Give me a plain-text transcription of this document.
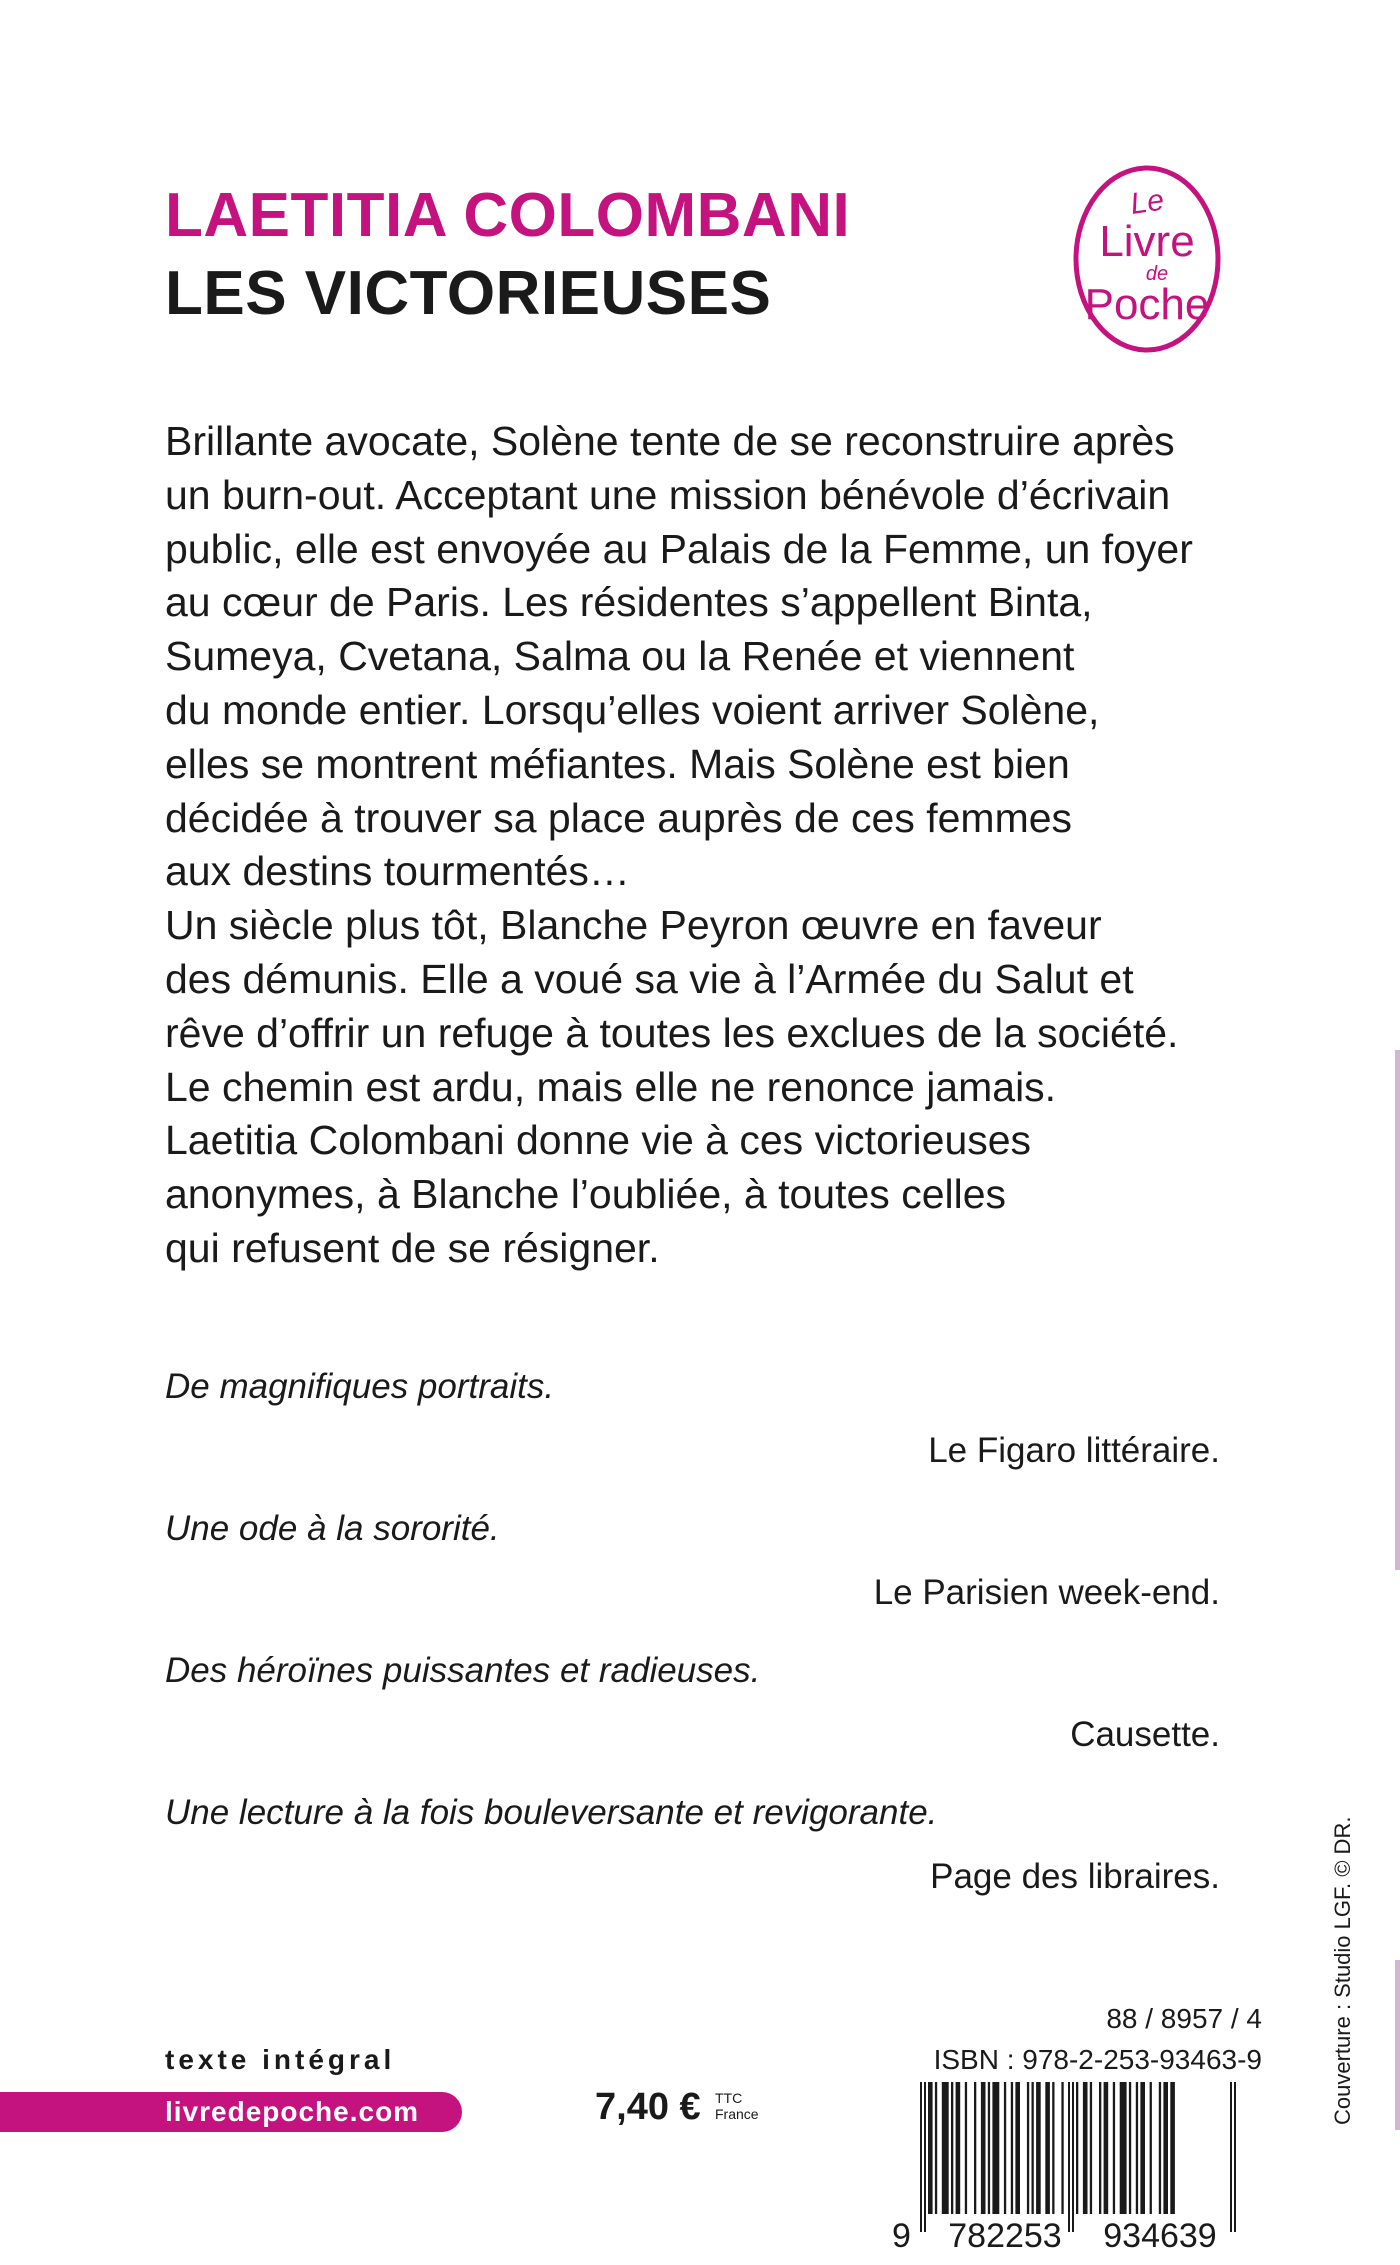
LAETITIA COLOMBANI
LES VICTORIEUSES
Le
Livre
de
Poche

Brillante avocate, Solène tente de se reconstruire après

un burn-out. Acceptant une mission bénévole d’écrivain

public, elle est envoyée au Palais de la Femme, un foyer

au cœur de Paris. Les résidentes s’appellent Binta,

Sumeya, Cvetana, Salma ou la Renée et viennent

du monde entier. Lorsqu’elles voient arriver Solène,

elles se montrent méfiantes. Mais Solène est bien

décidée à trouver sa place auprès de ces femmes

aux destins tourmentés…

Un siècle plus tôt, Blanche Peyron œuvre en faveur

des démunis. Elle a voué sa vie à l’Armée du Salut et

rêve d’offrir un refuge à toutes les exclues de la société.

Le chemin est ardu, mais elle ne renonce jamais.

Laetitia Colombani donne vie à ces victorieuses

anonymes, à Blanche l’oubliée, à toutes celles

qui refusent de se résigner.

De magnifiques portraits.
Le Figaro littéraire.
Une ode à la sororité.
Le Parisien week-end.
Des héroïnes puissantes et radieuses.
Causette.
Une lecture à la fois bouleversante et revigorante.
Page des libraires.	Couverture : Studio LGF. © DR.
texte intégral
livredepoche.com	7,40 € TTC
France
88 / 8957 / 4
ISBN : 978-2-253-93463-9
9 782253 934639
